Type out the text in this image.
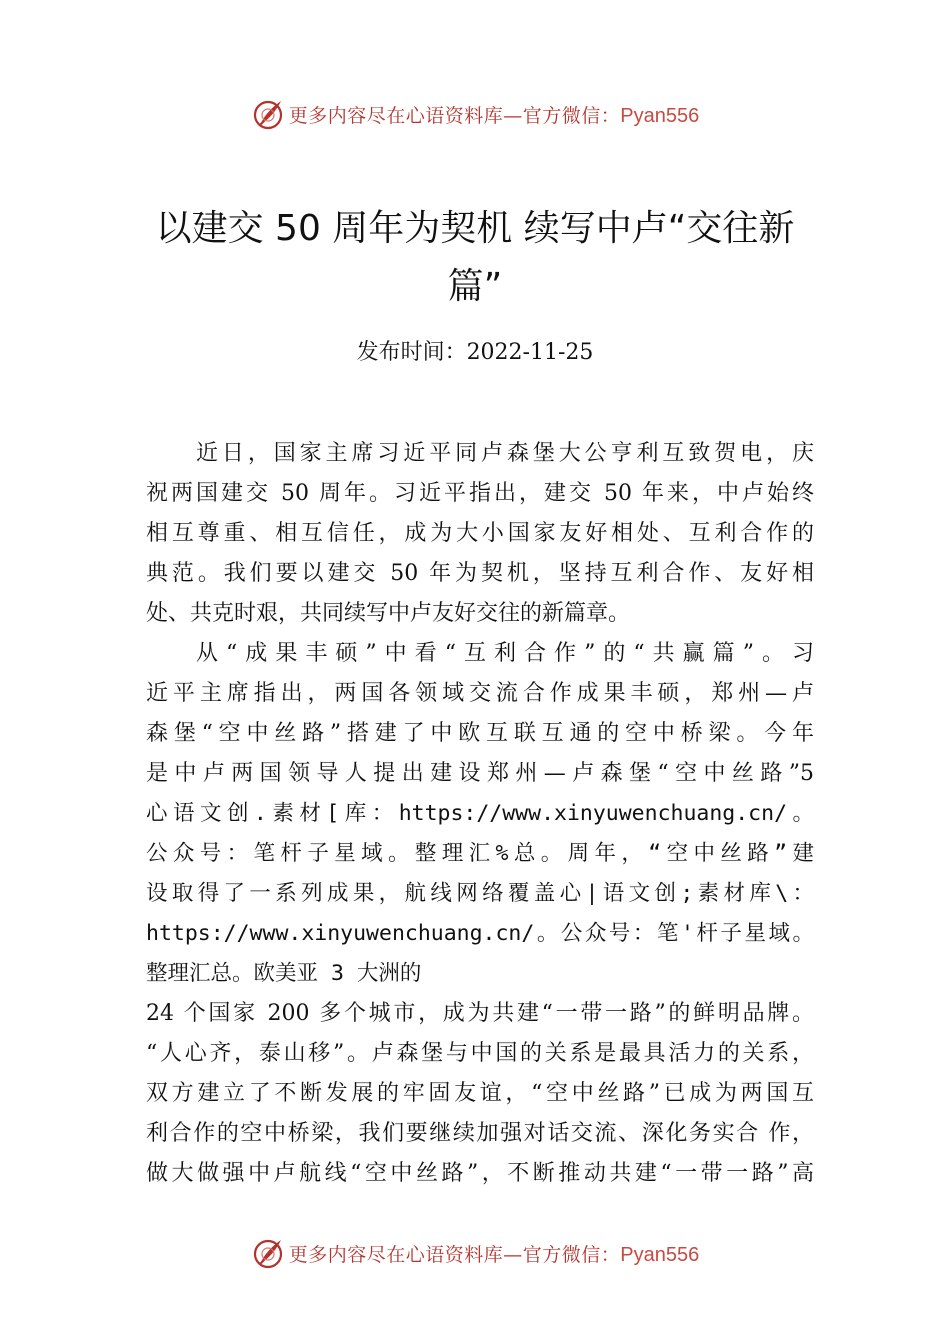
更多内容尽在心语资料库—官方微信：Pyan556
以建交 50 周年为契机 续写中卢“交往新
篇”
发布时间：2022-11-25
近日，国家主席习近平同卢森堡大公亨利互致贺电，庆
祝两国建交 50 周年。习近平指出，建交 50 年来，中卢始终
相互尊重、相互信任，成为大小国家友好相处、互利合作的
典范。我们要以建交 50 年为契机，坚持互利合作、友好相
处、共克时艰，共同续写中卢友好交往的新篇章。
从“成果丰硕”中看“互利合作”的“共赢篇”。习
近平主席指出，两国各领域交流合作成果丰硕，郑州—卢
森堡“空中丝路”搭建了中欧互联互通的空中桥梁。今年
是中卢两国领导人提出建设郑州—卢森堡“空中丝路”5
心语文创.素材[库：https://www.xinyuwenchuang.cn/。
公众号：笔杆子星域。整理汇%总。周年，“空中丝路”建
设取得了一系列成果，航线网络覆盖心|语文创;素材库\：
https://www.xinyuwenchuang.cn/。公众号：笔'杆子星域。
整理汇总。欧美亚 3 大洲的
24 个国家 200 多个城市，成为共建“一带一路”的鲜明品牌。
“人心齐，泰山移”。卢森堡与中国的关系是最具活力的关系，
双方建立了不断发展的牢固友谊，“空中丝路”已成为两国互
利合作的空中桥梁，我们要继续加强对话交流、深化务实合 作，
做大做强中卢航线“空中丝路”，不断推动共建“一带一路”高
更多内容尽在心语资料库—官方微信：Pyan556
